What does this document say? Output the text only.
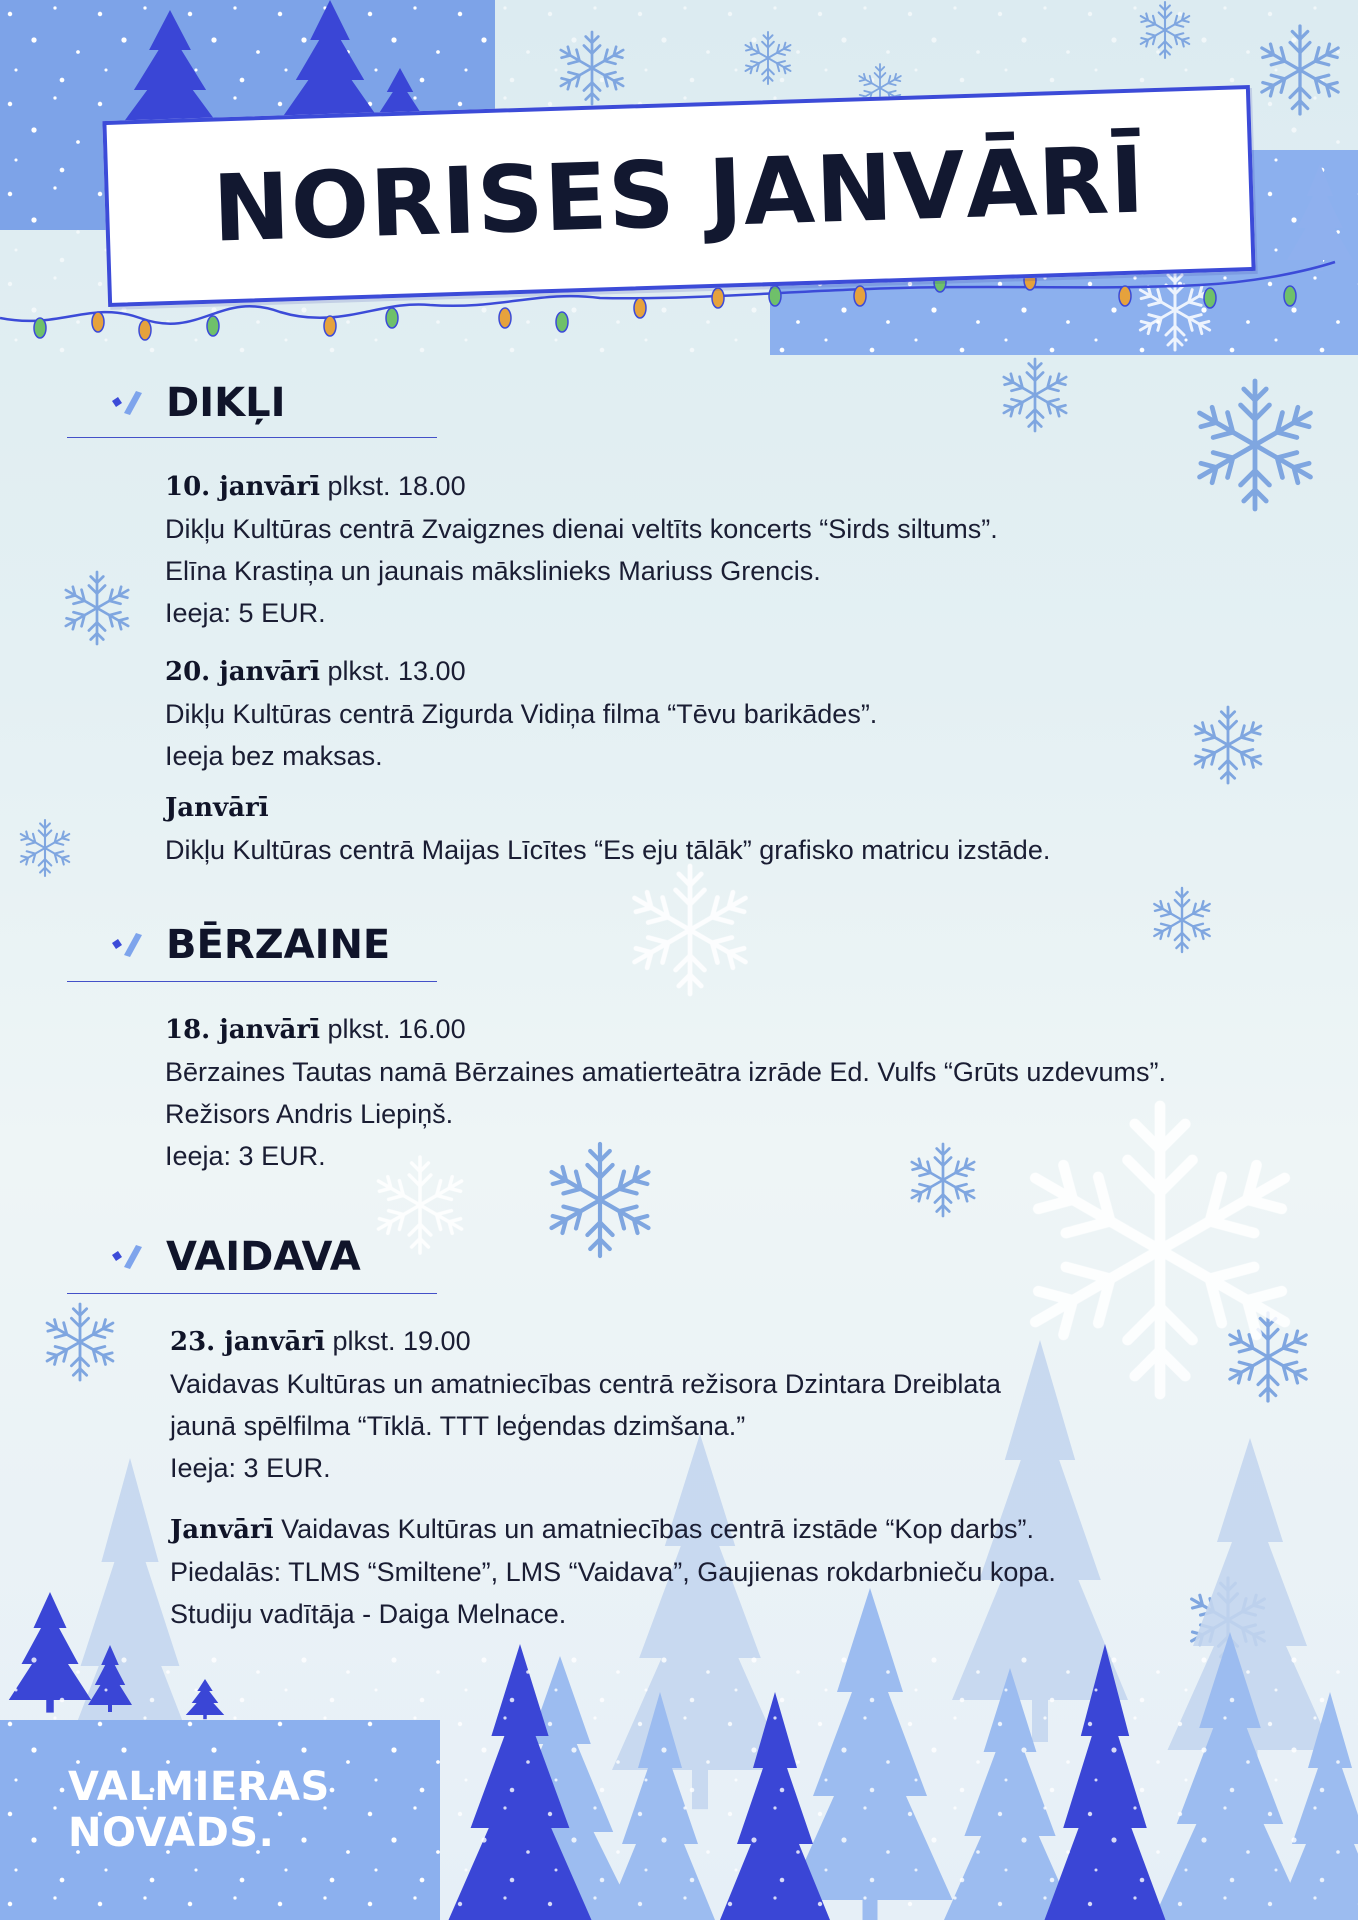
NORISES JANVĀRĪ
DIKĻI

10. janvārī plkst. 18.00

Dikļu Kultūras centrā Zvaigznes dienai veltīts koncerts “Sirds siltums”.

Elīna Krastiņa un jaunais mākslinieks Mariuss Grencis.

Ieeja: 5 EUR.

20. janvārī plkst. 13.00

Dikļu Kultūras centrā Zigurda Vidiņa filma “Tēvu barikādes”.

Ieeja bez maksas.

Janvārī

Dikļu Kultūras centrā Maijas Līcītes “Es eju tālāk” grafisko matricu izstāde.

BĒRZAINE

18. janvārī plkst. 16.00

Bērzaines Tautas namā Bērzaines amatierteātra izrāde Ed. Vulfs “Grūts uzdevums”.

Režisors Andris Liepiņš.

Ieeja: 3 EUR.

VAIDAVA

23. janvārī plkst. 19.00

Vaidavas Kultūras un amatniecības centrā režisora Dzintara Dreiblata

jaunā spēlfilma “Tīklā. TTT leģendas dzimšana.”

Ieeja: 3 EUR.

Janvārī Vaidavas Kultūras un amatniecības centrā izstāde “Kop darbs”.

Piedalās: TLMS “Smiltene”, LMS “Vaidava”, Gaujienas rokdarbnieču kopa.

Studiju vadītāja - Daiga Melnace.

VALMIERAS
NOVADS.
